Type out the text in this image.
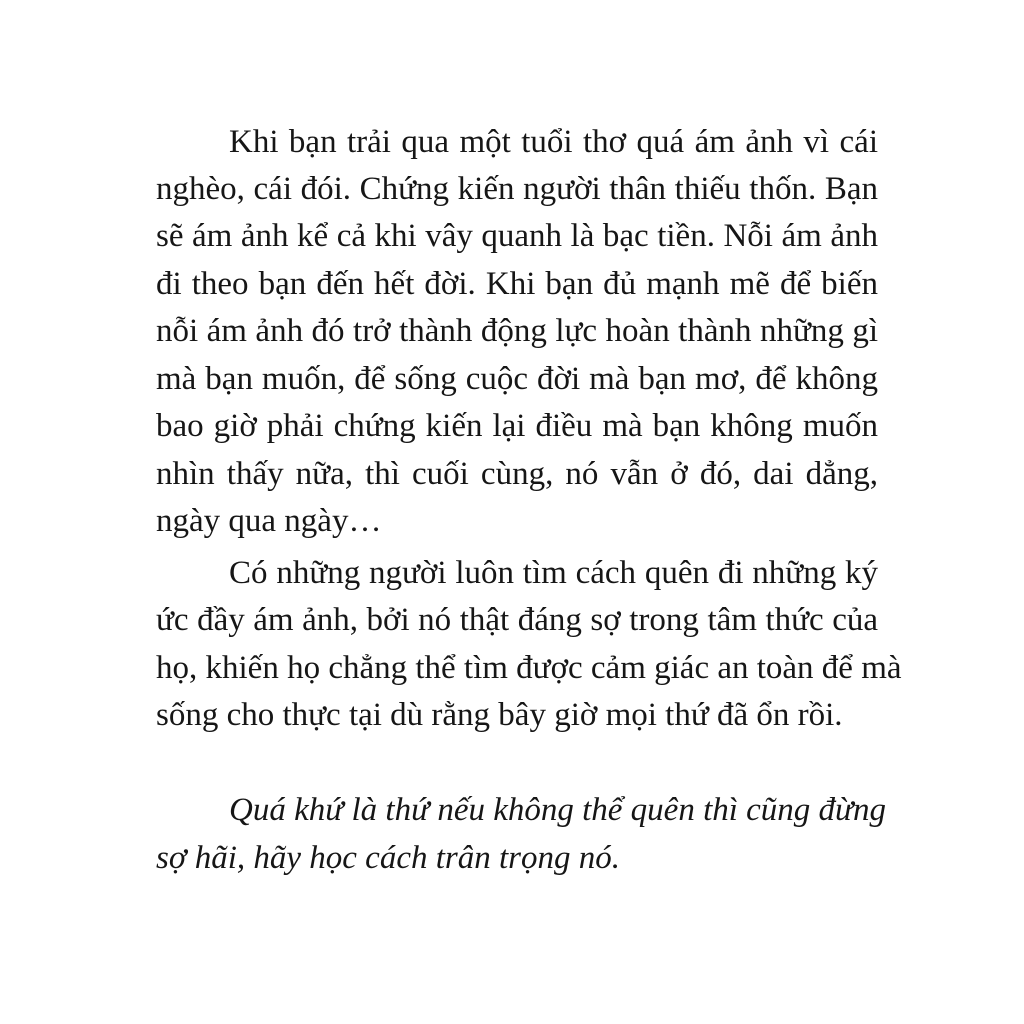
Khi bạn trải qua một tuổi thơ quá ám ảnh vì cái
nghèo, cái đói. Chứng kiến người thân thiếu thốn. Bạn
sẽ ám ảnh kể cả khi vây quanh là bạc tiền. Nỗi ám ảnh
đi theo bạn đến hết đời. Khi bạn đủ mạnh mẽ để biến
nỗi ám ảnh đó trở thành động lực hoàn thành những gì
mà bạn muốn, để sống cuộc đời mà bạn mơ, để không
bao giờ phải chứng kiến lại điều mà bạn không muốn
nhìn thấy nữa, thì cuối cùng, nó vẫn ở đó, dai dẳng,
ngày qua ngày…
Có những người luôn tìm cách quên đi những ký
ức đầy ám ảnh, bởi nó thật đáng sợ trong tâm thức của
họ, khiến họ chẳng thể tìm được cảm giác an toàn để mà
sống cho thực tại dù rằng bây giờ mọi thứ đã ổn rồi.
Quá khứ là thứ nếu không thể quên thì cũng đừng
sợ hãi, hãy học cách trân trọng nó.
